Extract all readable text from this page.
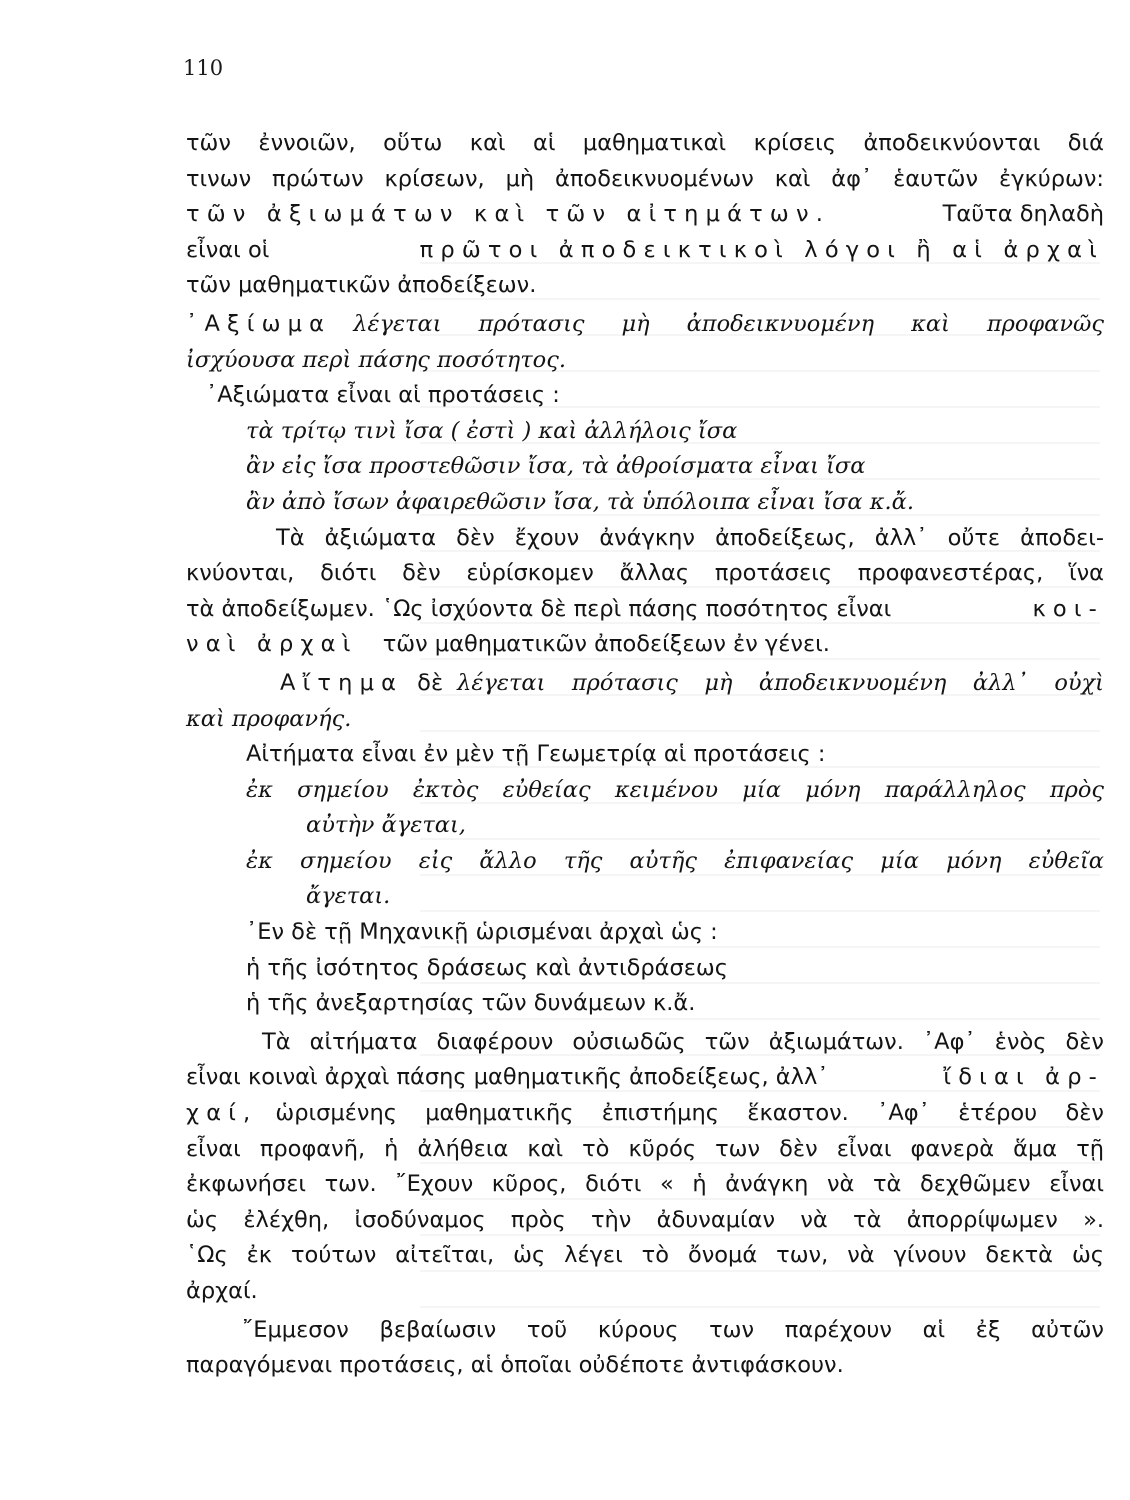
110
τῶν ἐννοιῶν, οὕτω καὶ αἱ μαθηματικαὶ κρίσεις ἀποδεικνύονται διά
τινων πρώτων κρίσεων, μὴ ἀποδεικνυομένων καὶ ἀφ᾿ ἑαυτῶν ἐγκύρων:
τῶν ἀξιωμάτων καὶ τῶν αἰτημάτων.	Ταῦτα δηλαδὴ
εἶναι οἱ	πρῶτοι ἀποδεικτικοὶ λόγοι ἢ αἱ ἀρχαὶ
τῶν μαθηματικῶν ἀποδείξεων.
᾿Αξίωμα λέγεται πρότασις μὴ ἀποδεικνυομένη καὶ προφανῶς
ἰσχύουσα περὶ πάσης ποσότητος.
᾿Αξιώματα εἶναι αἱ προτάσεις :
τὰ τρίτῳ τινὶ ἴσα ( ἐστὶ ) καὶ ἀλλήλοις ἴσα
ἂν εἰς ἴσα προστεθῶσιν ἴσα, τὰ ἀθροίσματα εἶναι ἴσα
ἂν ἀπὸ ἴσων ἀφαιρεθῶσιν ἴσα, τὰ ὑπόλοιπα εἶναι ἴσα κ.ἄ.
Τὰ ἀξιώματα δὲν ἔχουν ἀνάγκην ἀποδείξεως, ἀλλ᾿ οὔτε ἀποδει-
κνύονται, διότι δὲν εὑρίσκομεν ἄλλας προτάσεις προφανεστέρας, ἵνα
τὰ ἀποδείξωμεν. ῾Ως ἰσχύοντα δὲ περὶ πάσης ποσότητος εἶναι	κοι-
ναὶ ἀρχαὶ τῶν μαθηματικῶν ἀποδείξεων ἐν γένει.
Αἴτημα δὲ λέγεται πρότασις μὴ ἀποδεικνυομένη ἀλλ᾿ οὐχὶ
καὶ προφανής.
Αἰτήματα εἶναι ἐν μὲν τῇ Γεωμετρίᾳ αἱ προτάσεις :
ἐκ σημείου ἐκτὸς εὐθείας κειμένου μία μόνη παράλληλος πρὸς
αὐτὴν ἄγεται,
ἐκ σημείου εἰς ἄλλο τῆς αὐτῆς ἐπιφανείας μία μόνη εὐθεῖα
ἄγεται.
᾿Εν δὲ τῇ Μηχανικῇ ὡρισμέναι ἀρχαὶ ὡς :
ἡ τῆς ἰσότητος δράσεως καὶ ἀντιδράσεως
ἡ τῆς ἀνεξαρτησίας τῶν δυνάμεων κ.ἄ.
Τὰ αἰτήματα διαφέρουν οὐσιωδῶς τῶν ἀξιωμάτων. ᾿Αφ᾿ ἑνὸς δὲν
εἶναι κοιναὶ ἀρχαὶ πάσης μαθηματικῆς ἀποδείξεως, ἀλλ᾿	ἴδιαι ἀρ-
χαί, ὡρισμένης μαθηματικῆς ἐπιστήμης ἕκαστον. ᾿Αφ᾿ ἑτέρου δὲν
εἶναι προφανῆ, ἡ ἀλήθεια καὶ τὸ κῦρός των δὲν εἶναι φανερὰ ἅμα τῇ
ἐκφωνήσει των. ῎Εχουν κῦρος, διότι « ἡ ἀνάγκη νὰ τὰ δεχθῶμεν εἶναι
ὡς ἐλέχθη, ἰσοδύναμος πρὸς τὴν ἀδυναμίαν νὰ τὰ ἀπορρίψωμεν ».
῾Ως ἐκ τούτων αἰτεῖται, ὡς λέγει τὸ ὄνομά των, νὰ γίνουν δεκτὰ ὡς
ἀρχαί.
῎Εμμεσον βεβαίωσιν τοῦ κύρους των παρέχουν αἱ ἐξ αὐτῶν
παραγόμεναι προτάσεις, αἱ ὁποῖαι οὐδέποτε ἀντιφάσκουν.
